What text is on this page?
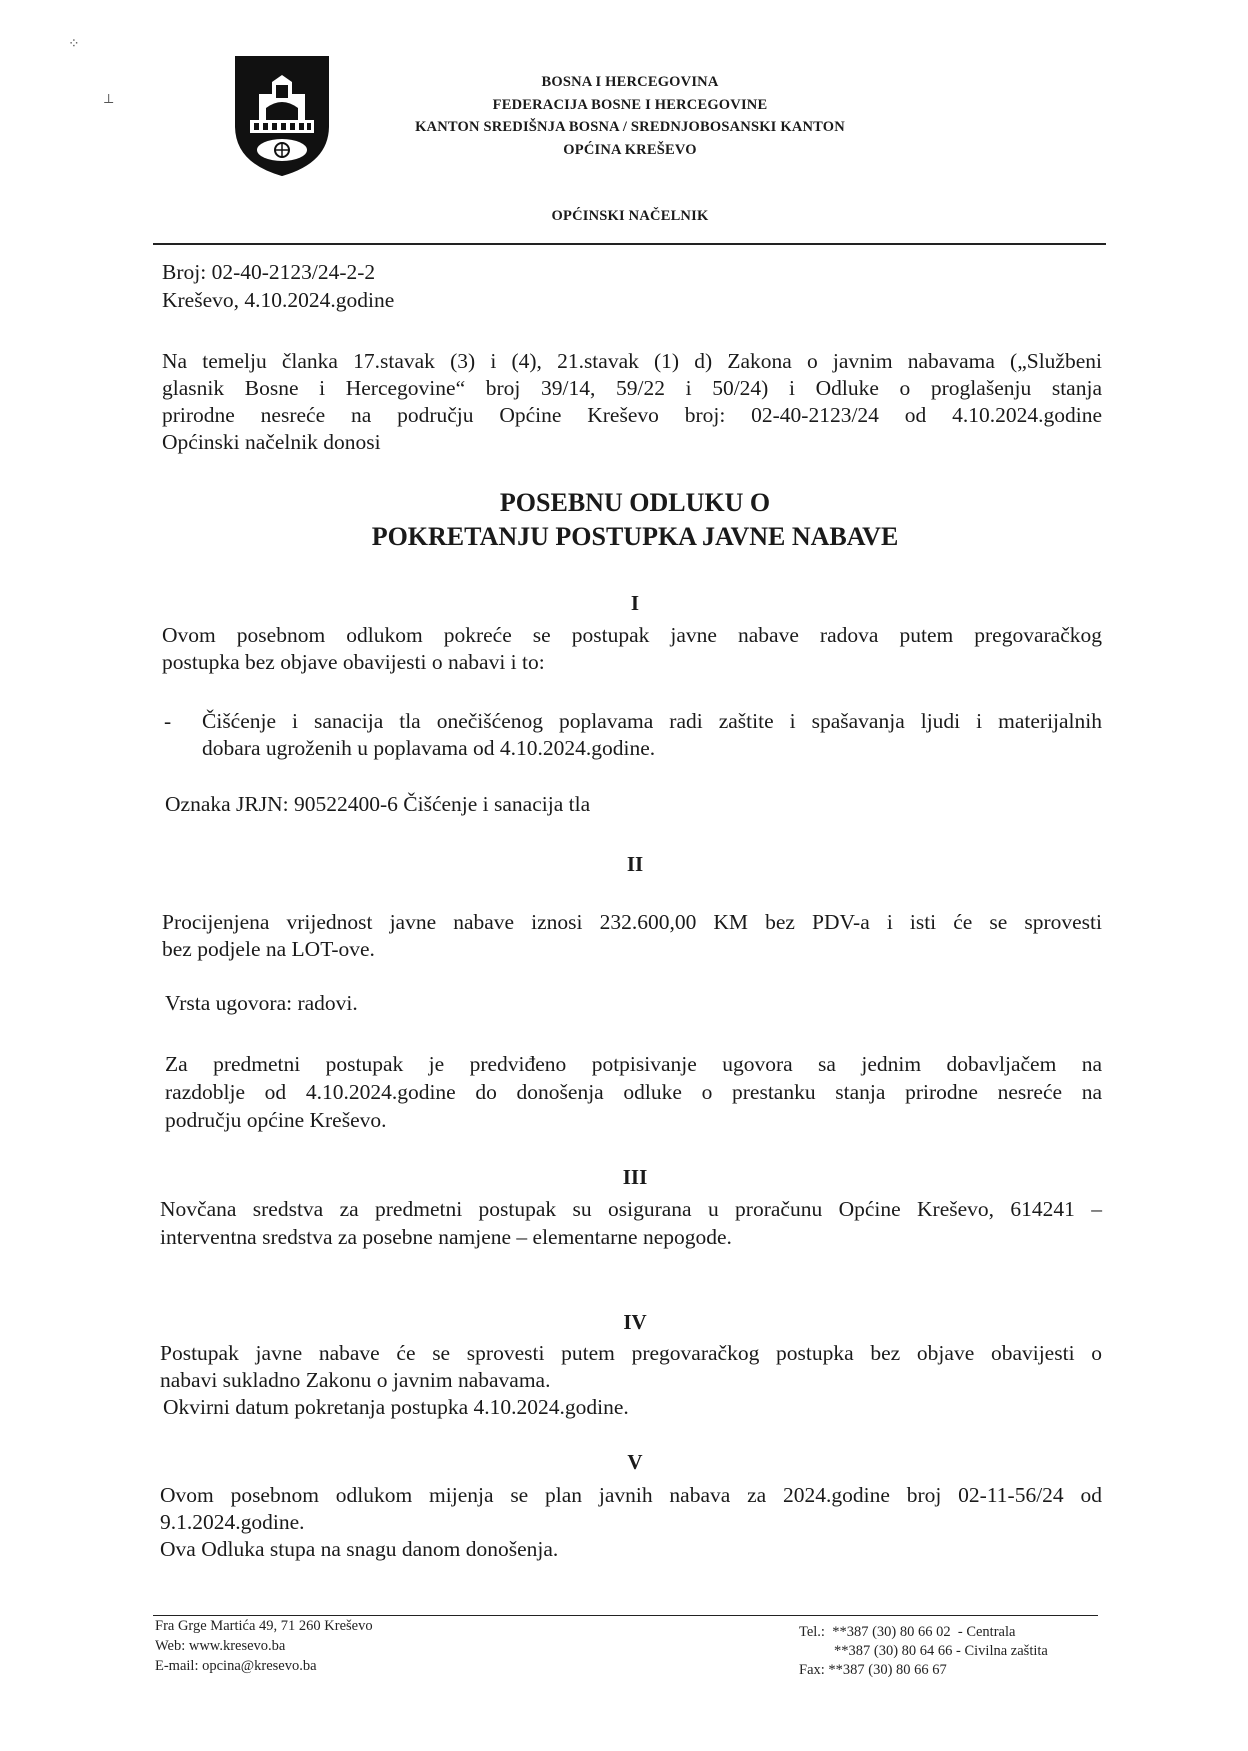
⁘
⟂
BOSNA I HERCEGOVINA
FEDERACIJA BOSNE I HERCEGOVINE
KANTON SREDIŠNJA BOSNA / SREDNJOBOSANSKI KANTON
OPĆINA KREŠEVO
OPĆINSKI NAČELNIK
Broj: 02-40-2123/24-2-2
Kreševo, 4.10.2024.godine
Na temelju članka 17.stavak (3) i (4), 21.stavak (1) d) Zakona o javnim nabavama („Službeni
glasnik Bosne i Hercegovine“ broj 39/14, 59/22 i 50/24) i Odluke o proglašenju stanja
prirodne nesreće na području Općine Kreševo broj: 02-40-2123/24 od 4.10.2024.godine
Općinski načelnik donosi
POSEBNU ODLUKU O
POKRETANJU POSTUPKA JAVNE NABAVE
I
Ovom posebnom odlukom pokreće se postupak javne nabave radova putem pregovaračkog
postupka bez objave obavijesti o nabavi i to:
- Čišćenje i sanacija tla onečišćenog poplavama radi zaštite i spašavanja ljudi i materijalnih
dobara ugroženih u poplavama od 4.10.2024.godine.
Oznaka JRJN: 90522400-6 Čišćenje i sanacija tla
II
Procijenjena vrijednost javne nabave iznosi 232.600,00 KM bez PDV-a i isti će se sprovesti
bez podjele na LOT-ove.
Vrsta ugovora: radovi.
Za predmetni postupak je predviđeno potpisivanje ugovora sa jednim dobavljačem na
razdoblje od 4.10.2024.godine do donošenja odluke o prestanku stanja prirodne nesreće na
području općine Kreševo.
III
Novčana sredstva za predmetni postupak su osigurana u proračunu Općine Kreševo, 614241 –
interventna sredstva za posebne namjene – elementarne nepogode.
IV
Postupak javne nabave će se sprovesti putem pregovaračkog postupka bez objave obavijesti o
nabavi sukladno Zakonu o javnim nabavama.
Okvirni datum pokretanja postupka 4.10.2024.godine.
V
Ovom posebnom odlukom mijenja se plan javnih nabava za 2024.godine broj 02-11-56/24 od
9.1.2024.godine.
Ova Odluka stupa na snagu danom donošenja.
Fra Grge Martića 49, 71 260 Kreševo
Web: www.kresevo.ba
E-mail: opcina@kresevo.ba
Tel.:  **387 (30) 80 66 02  - Centrala
**387 (30) 80 64 66 - Civilna zaštita
Fax: **387 (30) 80 66 67
